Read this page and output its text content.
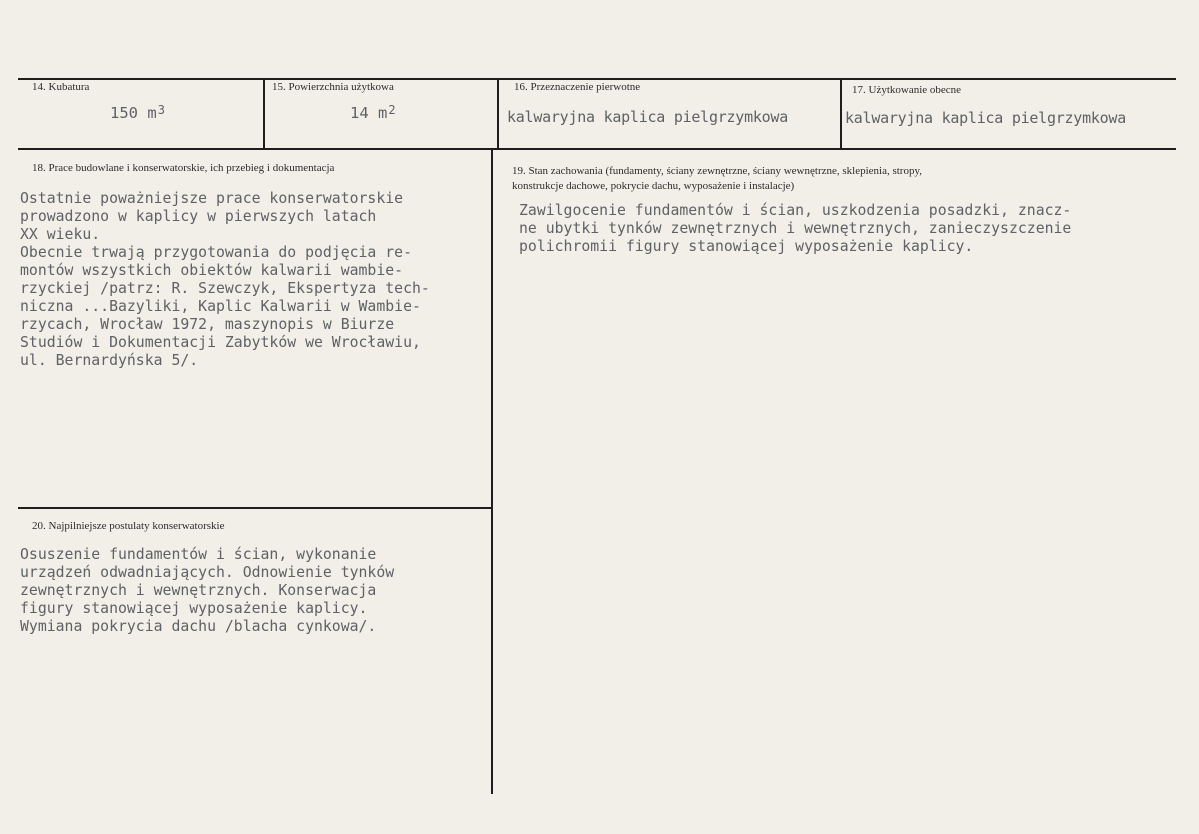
14. Kubatura
150 $m^3$
15. Powierzchnia użytkowa
14 $m^2$
16. Przeznaczenie pierwotne
kalwaryjna kaplica pielgrzymkowa
17. Użytkowanie obecne
kalwaryjna kaplica pielgrzymkowa
18. Prace budowlane i konserwatorskie, ich przebieg i dokumentacja
Ostatnie poważniejsze prace konserwatorskie
prowadzono w kaplicy w pierwszych latach
XX wieku.
Obecnie trwają przygotowania do podjęcia re-
montów wszystkich obiektów kalwarii wambie-
rzyckiej /patrz: R. Szewczyk, Ekspertyza tech-
niczna ...Bazyliki, Kaplic Kalwarii w Wambie-
rzycach, Wrocław 1972, maszynopis w Biurze
Studiów i Dokumentacji Zabytków we Wrocławiu,
ul. Bernardyńska 5/.
19. Stan zachowania (fundamenty, ściany zewnętrzne, ściany wewnętrzne, sklepienia, stropy,
konstrukcje dachowe, pokrycie dachu, wyposażenie i instalacje)
Zawilgocenie fundamentów i ścian, uszkodzenia posadzki, znacz-
ne ubytki tynków zewnętrznych i wewnętrznych, zanieczyszczenie
polichromii figury stanowiącej wyposażenie kaplicy.
20. Najpilniejsze postulaty konserwatorskie
Osuszenie fundamentów i ścian, wykonanie
urządzeń odwadniających. Odnowienie tynków
zewnętrznych i wewnętrznych. Konserwacja
figury stanowiącej wyposażenie kaplicy.
Wymiana pokrycia dachu /blacha cynkowa/.
